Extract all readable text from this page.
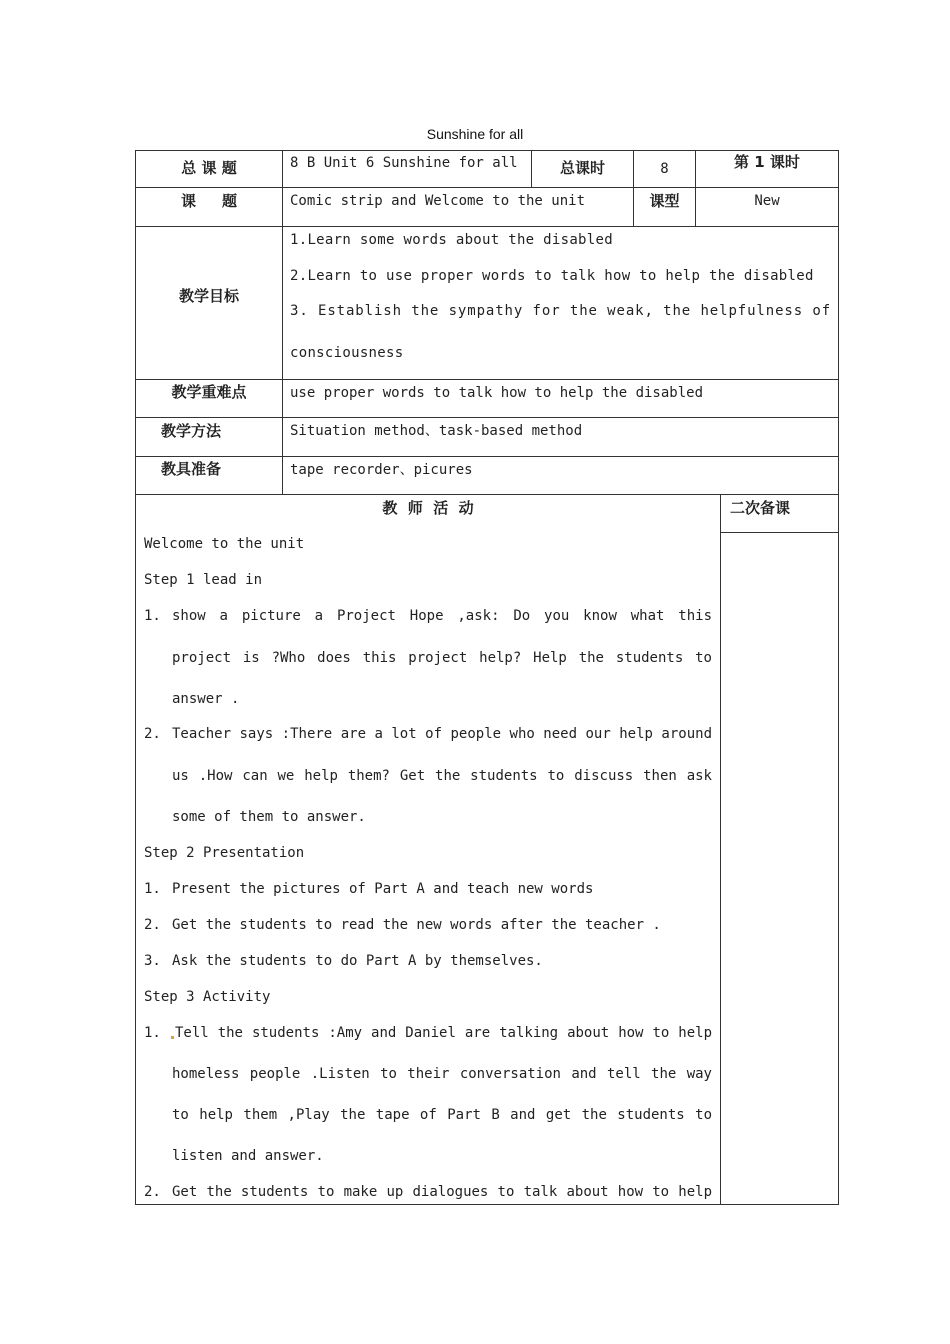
Sunshine for all
总 课 题	8 B Unit 6 Sunshine for all	总课时	8	第 1 课时
课     题	Comic strip and Welcome to the unit	课型	New
教学目标
1.Learn some words about the disabled
2.Learn to use proper words to talk how to help the disabled
3. Establish the sympathy for the weak, the helpfulness of
consciousness
教学重难点	use proper words to talk how to help the disabled
教学方法	Situation method、task-based method
教具准备	tape recorder、picures
教  师  活  动	二次备课
Welcome to the unit
Step 1 lead in
1. show a picture a Project Hope ,ask: Do you know what this
project is ?Who does this project help? Help the students to
answer .
2. Teacher says :There are a lot of people who need our help around
us .How can we help them? Get the students to discuss then ask
some of them to answer.
Step 2 Presentation
1. Present the pictures of Part A and teach new words
2. Get the students to read the new words after the teacher .
3. Ask the students to do Part A by themselves.
Step 3 Activity
1. Tell the students :Amy and Daniel are talking about how to help
homeless people .Listen to their conversation and tell the way
to help them ,Play the tape of Part B and get the students to
listen and answer.
2. Get the students to make up dialogues to talk about how to help
